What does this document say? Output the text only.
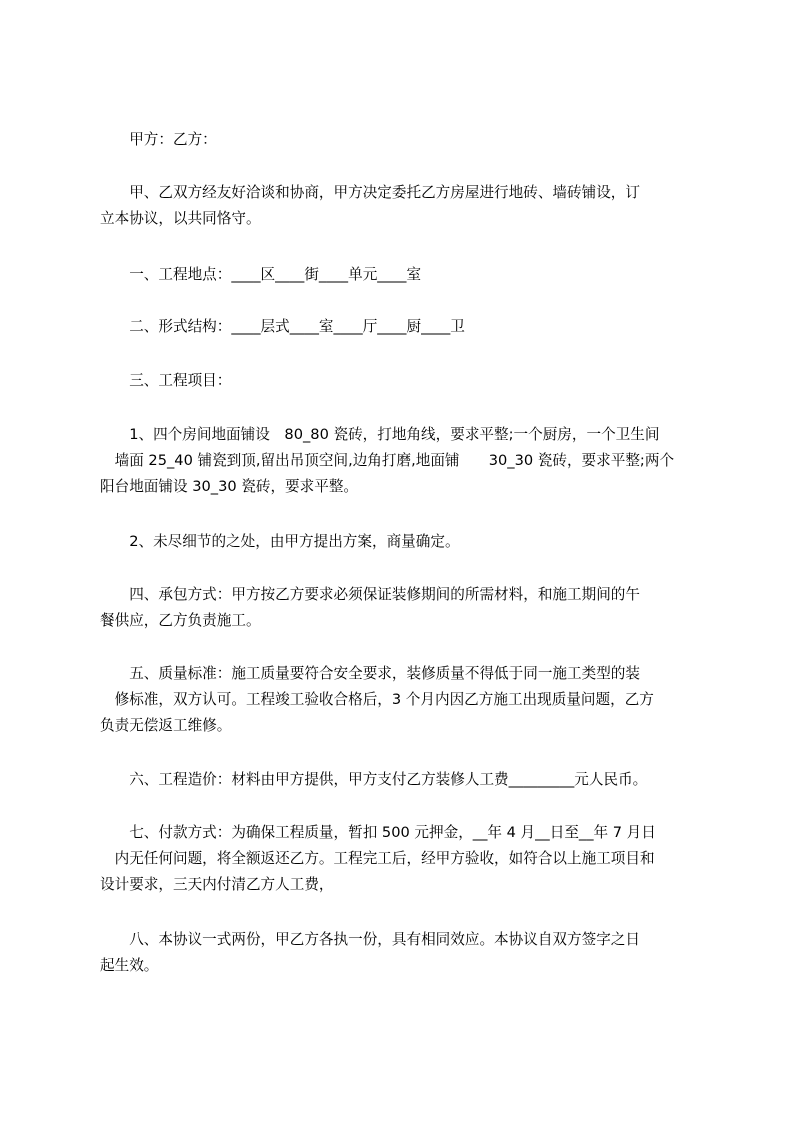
　　甲方：乙方：
　　甲、乙双方经友好洽谈和协商，甲方决定委托乙方房屋进行地砖、墙砖铺设，订
立本协议，以共同恪守。
　　一、工程地点：____区____街____单元____室
　　二、形式结构：____层式____室____厅____厨____卫
　　三、工程项目：
　　1、四个房间地面铺设　80_80 瓷砖，打地角线，要求平整;一个厨房，一个卫生间
　墙面 25_40 铺瓷到顶,留出吊顶空间,边角打磨,地面铺　　30_30 瓷砖，要求平整;两个
阳台地面铺设 30_30 瓷砖，要求平整。
　　2、未尽细节的之处，由甲方提出方案，商量确定。
　　四、承包方式：甲方按乙方要求必须保证装修期间的所需材料，和施工期间的午
餐供应，乙方负责施工。
　　五、质量标准：施工质量要符合安全要求，装修质量不得低于同一施工类型的装
　修标准，双方认可。工程竣工验收合格后，3 个月内因乙方施工出现质量问题，乙方
负责无偿返工维修。
　　六、工程造价：材料由甲方提供，甲方支付乙方装修人工费_________元人民币。
　　七、付款方式：为确保工程质量，暂扣 500 元押金，__年 4 月__日至__年 7 月日
　内无任何问题，将全额返还乙方。工程完工后，经甲方验收，如符合以上施工项目和
设计要求，三天内付清乙方人工费，
　　八、本协议一式两份，甲乙方各执一份，具有相同效应。本协议自双方签字之日
起生效。
